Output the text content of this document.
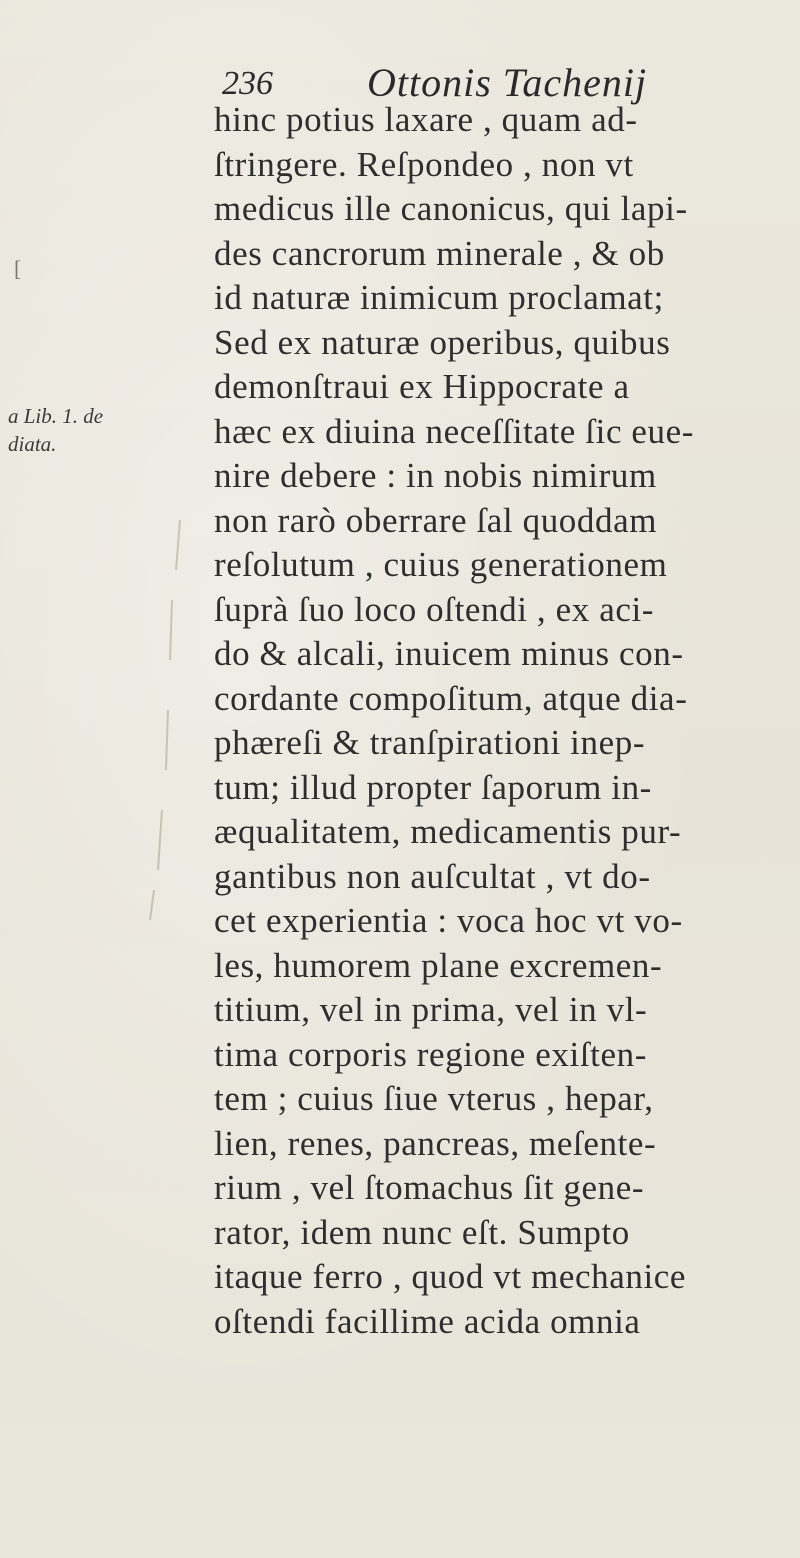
236 Ottonis Tachenij
[
a Lib. 1. de
diata.
hinc potius laxare , quam ad-
ſtringere. Reſpondeo , non vt
medicus ille canonicus, qui lapi-
des cancrorum minerale , & ob
id naturæ inimicum proclamat;
Sed ex naturæ operibus, quibus
demonſtraui ex Hippocrate a
hæc ex diuina neceſſitate ſic eue-
nire debere : in nobis nimirum
non rarò oberrare ſal quoddam
reſolutum , cuius generationem
ſuprà ſuo loco oſtendi , ex aci-
do & alcali, inuicem minus con-
cordante compoſitum, atque dia-
phæreſi & tranſpirationi inep-
tum; illud propter ſaporum in-
æqualitatem, medicamentis pur-
gantibus non auſcultat , vt do-
cet experientia : voca hoc vt vo-
les, humorem plane excremen-
titium, vel in prima, vel in vl-
tima corporis regione exiſten-
tem ; cuius ſiue vterus , hepar,
lien, renes, pancreas, meſente-
rium , vel ſtomachus ſit gene-
rator, idem nunc eſt. Sumpto
itaque ferro , quod vt mechanice
oſtendi facillime acida omnia
